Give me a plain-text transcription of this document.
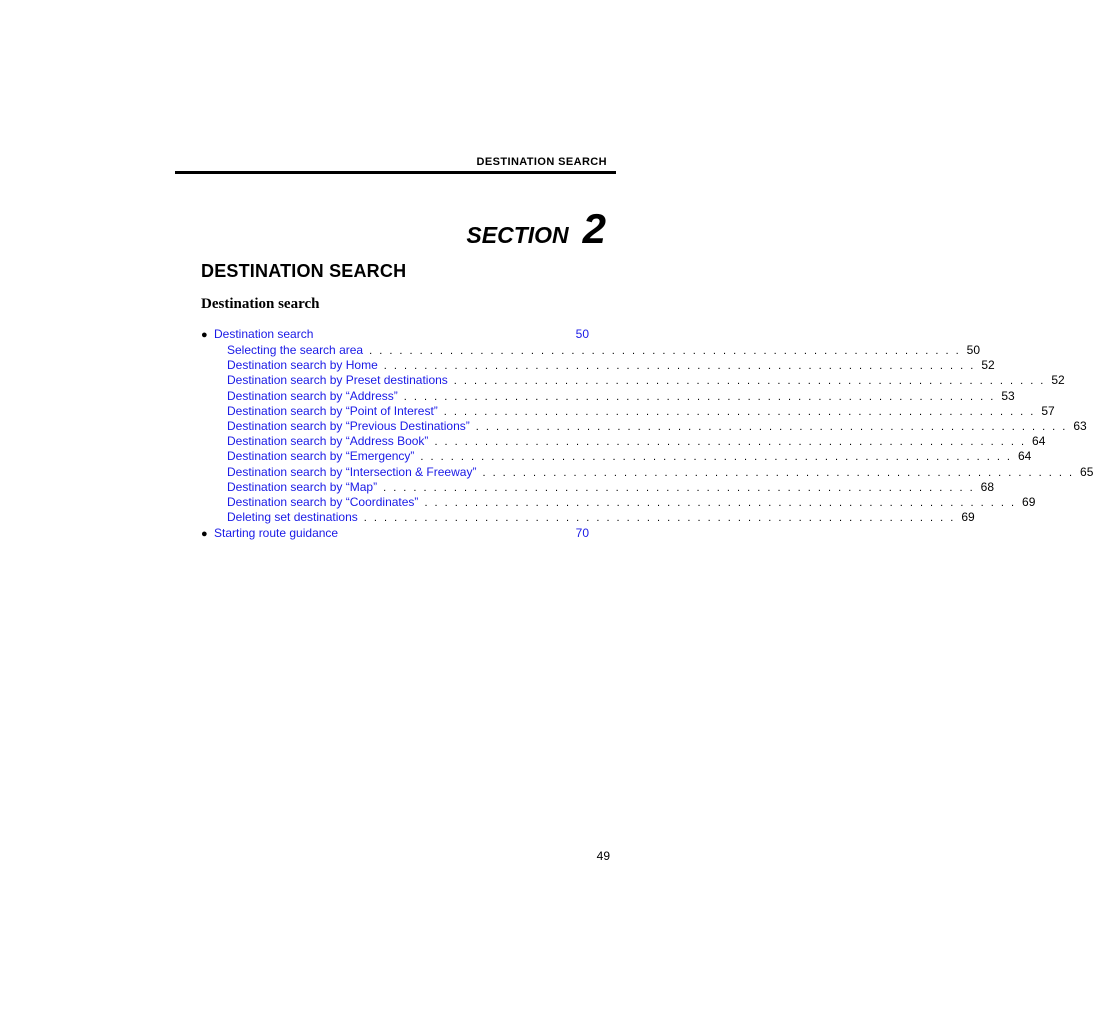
DESTINATION SEARCH
SECTION 2
DESTINATION SEARCH
Destination search
● Destination search	50
Selecting the search area . . . . . . . . . . . . . . . . . . . . . . . . . . . . . . . . . . . . . . . . . . . . . . . . . . . . . . . . . . . 50
Destination search by Home . . . . . . . . . . . . . . . . . . . . . . . . . . . . . . . . . . . . . . . . . . . . . . . . . . . . . . . . . . . 52
Destination search by Preset destinations . . . . . . . . . . . . . . . . . . . . . . . . . . . . . . . . . . . . . . . . . . . . . . . . . . . . . . . . . . . 52
Destination search by “Address” . . . . . . . . . . . . . . . . . . . . . . . . . . . . . . . . . . . . . . . . . . . . . . . . . . . . . . . . . . . 53
Destination search by “Point of Interest” . . . . . . . . . . . . . . . . . . . . . . . . . . . . . . . . . . . . . . . . . . . . . . . . . . . . . . . . . . . 57
Destination search by “Previous Destinations” . . . . . . . . . . . . . . . . . . . . . . . . . . . . . . . . . . . . . . . . . . . . . . . . . . . . . . . . . . . 63
Destination search by “Address Book” . . . . . . . . . . . . . . . . . . . . . . . . . . . . . . . . . . . . . . . . . . . . . . . . . . . . . . . . . . . 64
Destination search by “Emergency” . . . . . . . . . . . . . . . . . . . . . . . . . . . . . . . . . . . . . . . . . . . . . . . . . . . . . . . . . . . 64
Destination search by “Intersection & Freeway” . . . . . . . . . . . . . . . . . . . . . . . . . . . . . . . . . . . . . . . . . . . . . . . . . . . . . . . . . . . 65
Destination search by “Map” . . . . . . . . . . . . . . . . . . . . . . . . . . . . . . . . . . . . . . . . . . . . . . . . . . . . . . . . . . . 68
Destination search by “Coordinates” . . . . . . . . . . . . . . . . . . . . . . . . . . . . . . . . . . . . . . . . . . . . . . . . . . . . . . . . . . . 69
Deleting set destinations . . . . . . . . . . . . . . . . . . . . . . . . . . . . . . . . . . . . . . . . . . . . . . . . . . . . . . . . . . . 69
● Starting route guidance	70
49
